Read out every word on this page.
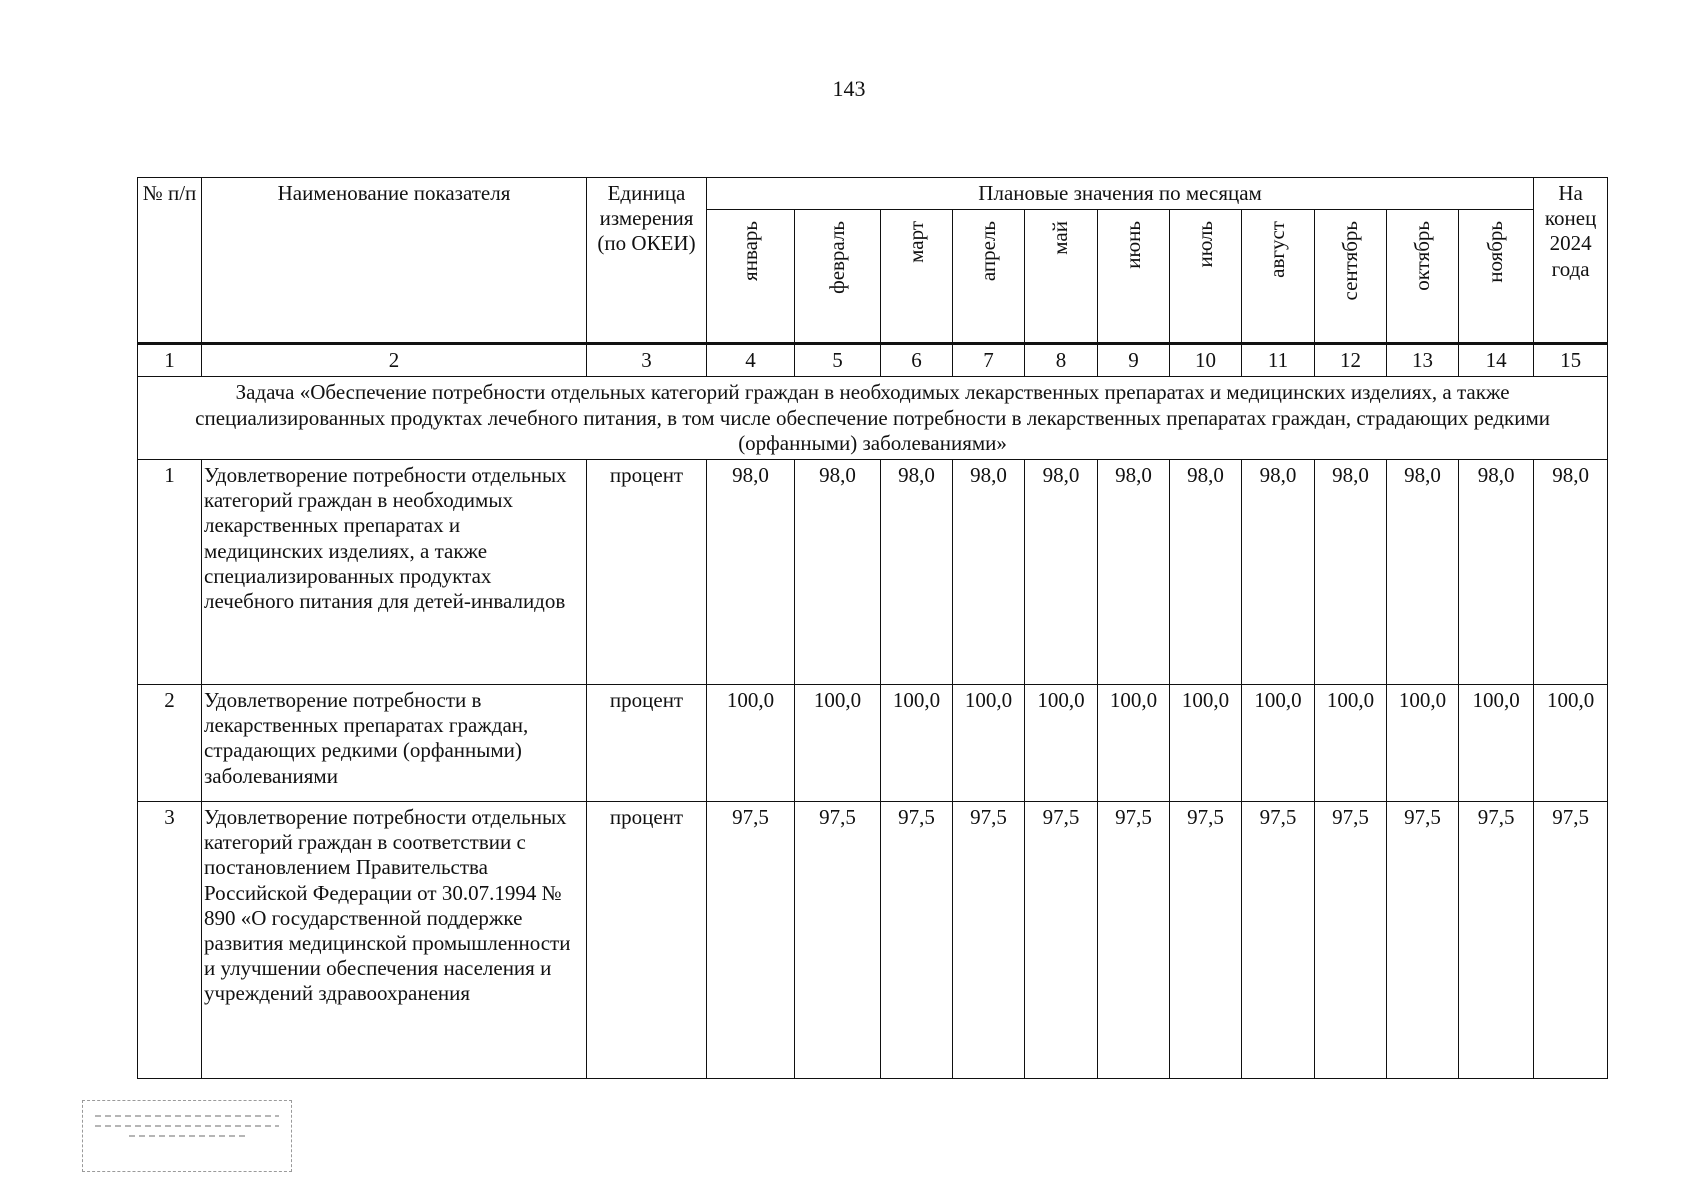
143
№ п/п	Наименование показателя	Единица измерения (по ОКЕИ)	Плановые значения по месяцам											На конец 2024 года

			январь	февраль	март	апрель	май	июнь	июль	август	сентябрь	октябрь	ноябрь	

1	2	3	4	5	6	7	8	9	10	11	12	13	14	15
Задача «Обеспечение потребности отдельных категорий граждан в необходимых лекарственных препаратах и медицинских изделиях, а также специализированных продуктах лечебного питания, в том числе обеспечение потребности в лекарственных препаратах граждан, страдающих редкими (орфанными) заболеваниями»														
1	Удовлетворение потребности отдельных категорий граждан в необходимых лекарственных препаратах и медицинских изделиях, а также специализированных продуктах лечебного питания для детей-инвалидов	процент	98,0	98,0	98,0	98,0	98,0	98,0	98,0	98,0	98,0	98,0	98,0	98,0
2	Удовлетворение потребности в лекарственных препаратах граждан, страдающих редкими (орфанными) заболеваниями	процент	100,0	100,0	100,0	100,0	100,0	100,0	100,0	100,0	100,0	100,0	100,0	100,0
3	Удовлетворение потребности отдельных категорий граждан в соответствии с постановлением Правительства Российской Федерации от 30.07.1994 № 890 «О государственной поддержке развития медицинской промышленности и улучшении обеспечения населения и учреждений здравоохранения	процент	97,5	97,5	97,5	97,5	97,5	97,5	97,5	97,5	97,5	97,5	97,5	97,5
